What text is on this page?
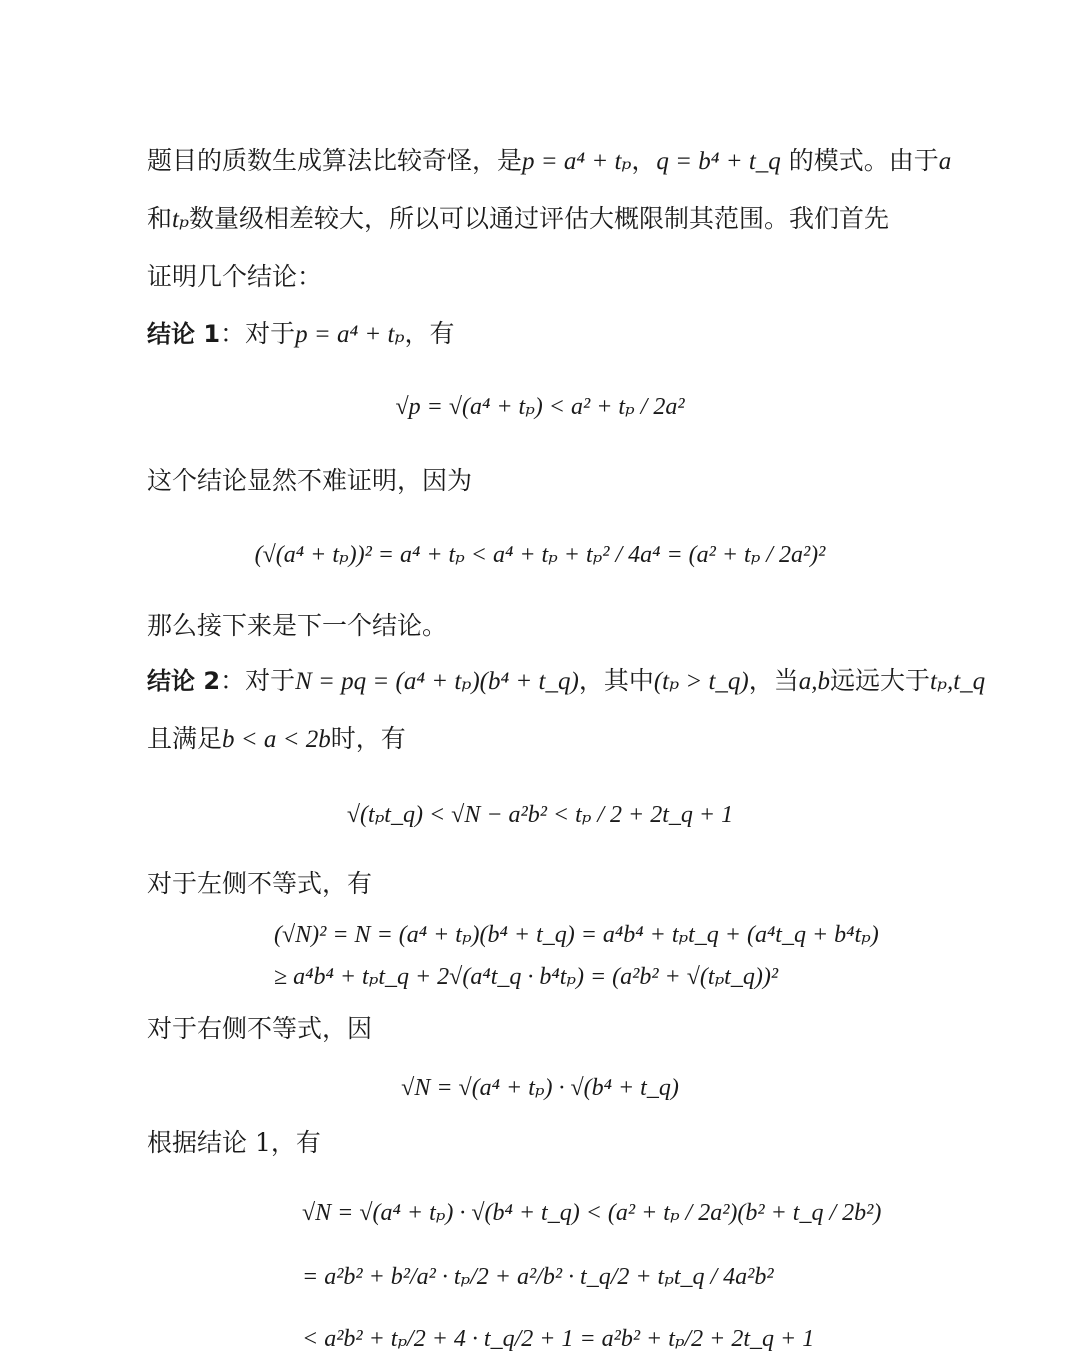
题目的质数生成算法比较奇怪，是p = a⁴ + tₚ，q = b⁴ + t_q 的模式。由于a
和tₚ数量级相差较大，所以可以通过评估大概限制其范围。我们首先
证明几个结论：
结论 1：对于p = a⁴ + tₚ，有
√p = √(a⁴ + tₚ) < a² + tₚ / 2a²
这个结论显然不难证明，因为
(√(a⁴ + tₚ))² = a⁴ + tₚ < a⁴ + tₚ + tₚ² / 4a⁴ = (a² + tₚ / 2a²)²
那么接下来是下一个结论。
结论 2：对于N = pq = (a⁴ + tₚ)(b⁴ + t_q)，其中(tₚ > t_q)，当a,b远远大于tₚ,t_q
且满足b < a < 2b时，有
√(tₚt_q) < √N − a²b² < tₚ / 2 + 2t_q + 1
对于左侧不等式，有
(√N)² = N = (a⁴ + tₚ)(b⁴ + t_q) = a⁴b⁴ + tₚt_q + (a⁴t_q + b⁴tₚ)
≥ a⁴b⁴ + tₚt_q + 2√(a⁴t_q · b⁴tₚ) = (a²b² + √(tₚt_q))²
对于右侧不等式，因
√N = √(a⁴ + tₚ) · √(b⁴ + t_q)
根据结论 1，有
√N = √(a⁴ + tₚ) · √(b⁴ + t_q) < (a² + tₚ / 2a²)(b² + t_q / 2b²)
= a²b² + b²/a² · tₚ/2 + a²/b² · t_q/2 + tₚt_q / 4a²b²
< a²b² + tₚ/2 + 4 · t_q/2 + 1 = a²b² + tₚ/2 + 2t_q + 1
